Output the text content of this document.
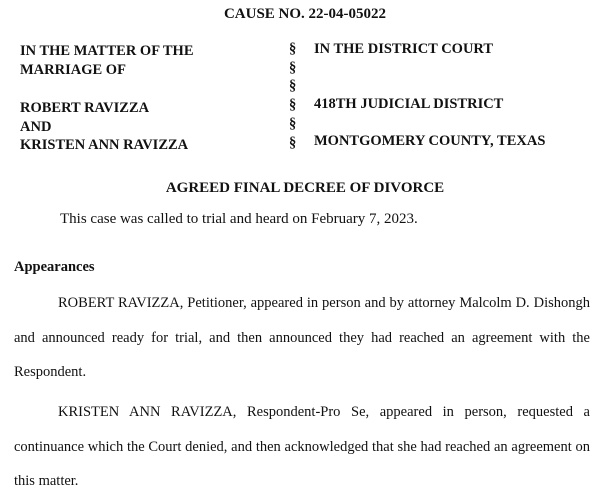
CAUSE NO. 22-04-05022
IN THE MATTER OF THE
MARRIAGE OF
ROBERT RAVIZZA
AND
KRISTEN ANN RAVIZZA
§
§
§
§
§
§
IN THE DISTRICT COURT
418TH JUDICIAL DISTRICT
MONTGOMERY COUNTY, TEXAS
AGREED FINAL DECREE OF DIVORCE
This case was called to trial and heard on February 7, 2023.
Appearances

ROBERT RAVIZZA, Petitioner, appeared in person and by attorney Malcolm D. Dishongh and announced ready for trial, and then announced they had reached an agreement with the Respondent.

KRISTEN ANN RAVIZZA, Respondent-Pro Se, appeared in person, requested a continuance which the Court denied, and then acknowledged that she had reached an agreement on this matter.
